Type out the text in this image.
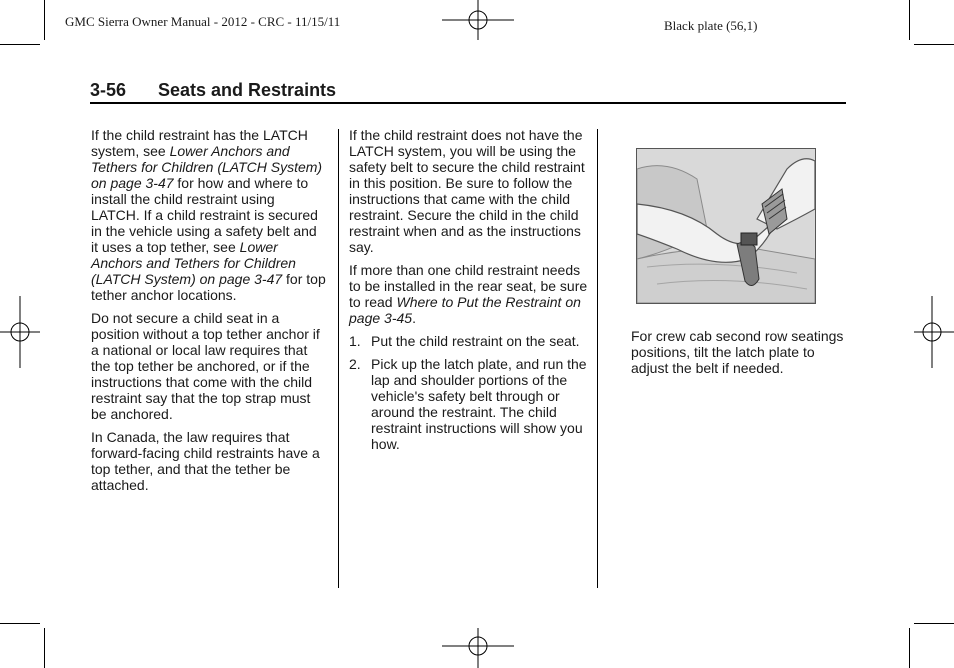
GMC Sierra Owner Manual - 2012 - CRC - 11/15/11	Black plate (56,1)
3-56 Seats and Restraints

If the child restraint has the LATCH system, see Lower Anchors and Tethers for Children (LATCH System) on page 3-47 for how and where to install the child restraint using LATCH. If a child restraint is secured in the vehicle using a safety belt and it uses a top tether, see Lower Anchors and Tethers for Children (LATCH System) on page 3-47 for top tether anchor locations.

Do not secure a child seat in a position without a top tether anchor if a national or local law requires that the top tether be anchored, or if the instructions that come with the child restraint say that the top strap must be anchored.

In Canada, the law requires that forward-facing child restraints have a top tether, and that the tether be attached.

If the child restraint does not have the LATCH system, you will be using the safety belt to secure the child restraint in this position. Be sure to follow the instructions that came with the child restraint. Secure the child in the child restraint when and as the instructions say.

If more than one child restraint needs to be installed in the rear seat, be sure to read Where to Put the Restraint on page 3-45.

1. Put the child restraint on the seat.
2. Pick up the latch plate, and run the lap and shoulder portions of the vehicle's safety belt through or around the restraint. The child restraint instructions will show you how.
For crew cab second row seatings positions, tilt the latch plate to adjust the belt if needed.
